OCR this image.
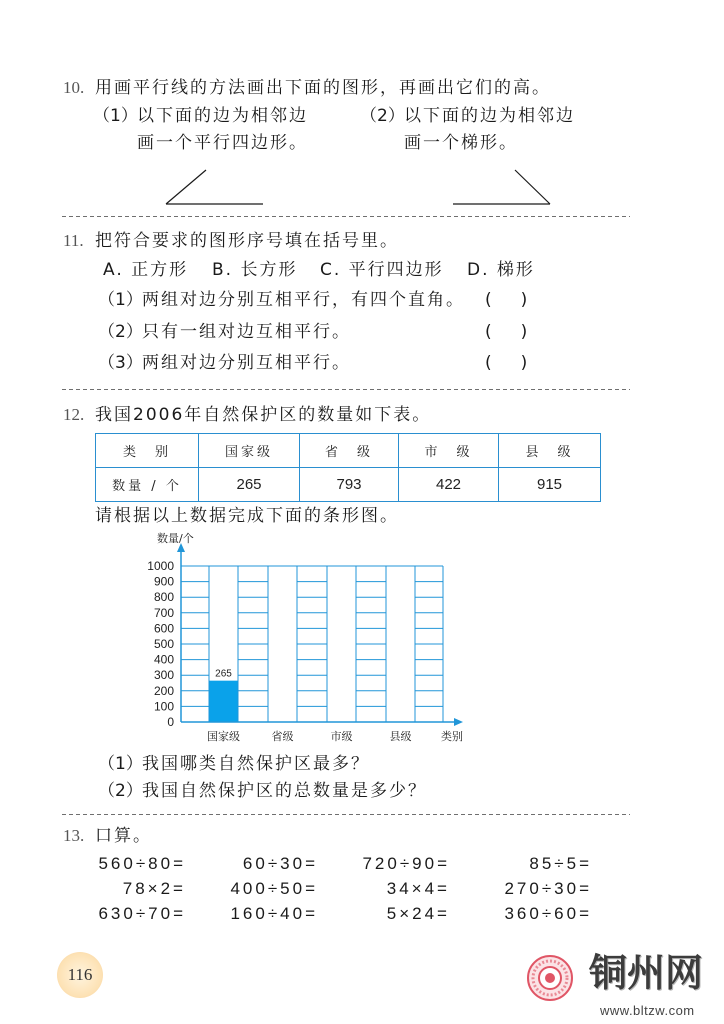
10. 用画平行线的方法画出下面的图形，再画出它们的高。
（1）以下面的边为相邻边
画一个平行四边形。
（2）以下面的边为相邻边
画一个梯形。
11. 把符合要求的图形序号填在括号里。
A. 正方形 B. 长方形 C. 平行四边形 D. 梯形
（1）两组对边分别互相平行，有四个直角。 (　)
（2）只有一组对边互相平行。	(　)
（3）两组对边分别互相平行。	(　)
12. 我国2006年自然保护区的数量如下表。
类　别	国家级	省　级	市　级	县　级
数量 / 个	265	793	422	915
请根据以上数据完成下面的条形图。
0
100
200
300
400
500
600
700
800
900
1000
265
国家级	省级	市级	县级
数量/个
类别
（1）我国哪类自然保护区最多？
（2）我国自然保护区的总数量是多少？
13. 口算。
560÷80=	60÷30=	720÷90=	85÷5=
78×2=	400÷50=	34×4=	270÷30=
630÷70=	160÷40=	5×24=	360÷60=
116	铜州网
www.bltzw.com
